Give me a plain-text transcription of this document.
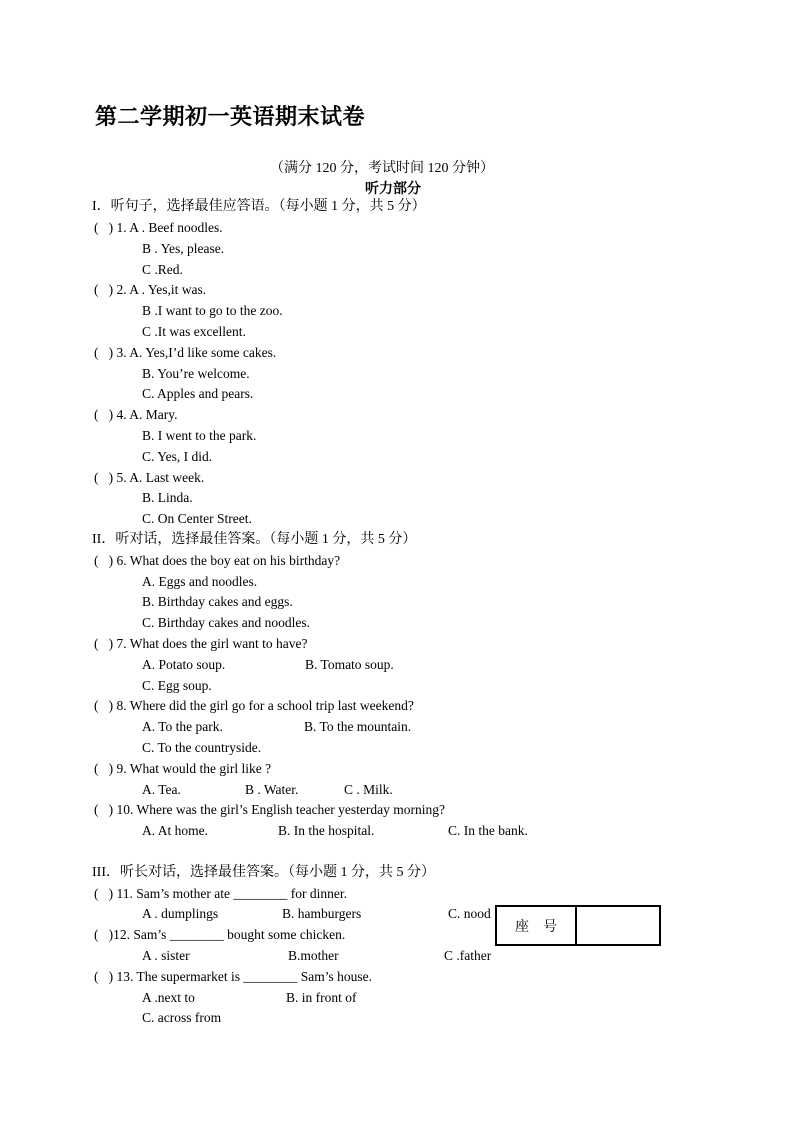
第二学期初一英语期末试卷
（满分 120 分，考试时间 120 分钟）
听力部分
I．听句子，选择最佳应答语。（每小题 1 分，共 5 分）
(   ) 1. A . Beef noodles.
B . Yes, please.
C .Red.
(   ) 2. A . Yes,it was.
B .I want to go to the zoo.
C .It was excellent.
(   ) 3. A. Yes,I’d like some cakes.
B. You’re welcome.
C. Apples and pears.
(   ) 4. A. Mary.
B. I went to the park.
C. Yes, I did.
(   ) 5. A. Last week.
B. Linda.
C. On Center Street.
II．听对话，选择最佳答案。（每小题 1 分，共 5 分）
(   ) 6. What does the boy eat on his birthday?
A. Eggs and noodles.
B. Birthday cakes and eggs.
C. Birthday cakes and noodles.
(   ) 7. What does the girl want to have?
A. Potato soup.	B. Tomato soup.
C. Egg soup.
(   ) 8. Where did the girl go for a school trip last weekend?
A. To the park.	B. To the mountain.
C. To the countryside.
(   ) 9. What would the girl like ?
A. Tea.	B . Water.	C . Milk.
(   ) 10. Where was the girl’s English teacher yesterday morning?
A. At home.	B. In the hospital.	C. In the bank.
III．听长对话，选择最佳答案。（每小题 1 分，共 5 分）
(   ) 11. Sam’s mother ate ________ for dinner.
A . dumplings	B. hamburgers	C. nood
(   )12. Sam’s ________ bought some chicken.
A . sister	B.mother	C .father
(   ) 13. The supermarket is ________ Sam’s house.
A .next to	B. in front of
C. across from
座号
